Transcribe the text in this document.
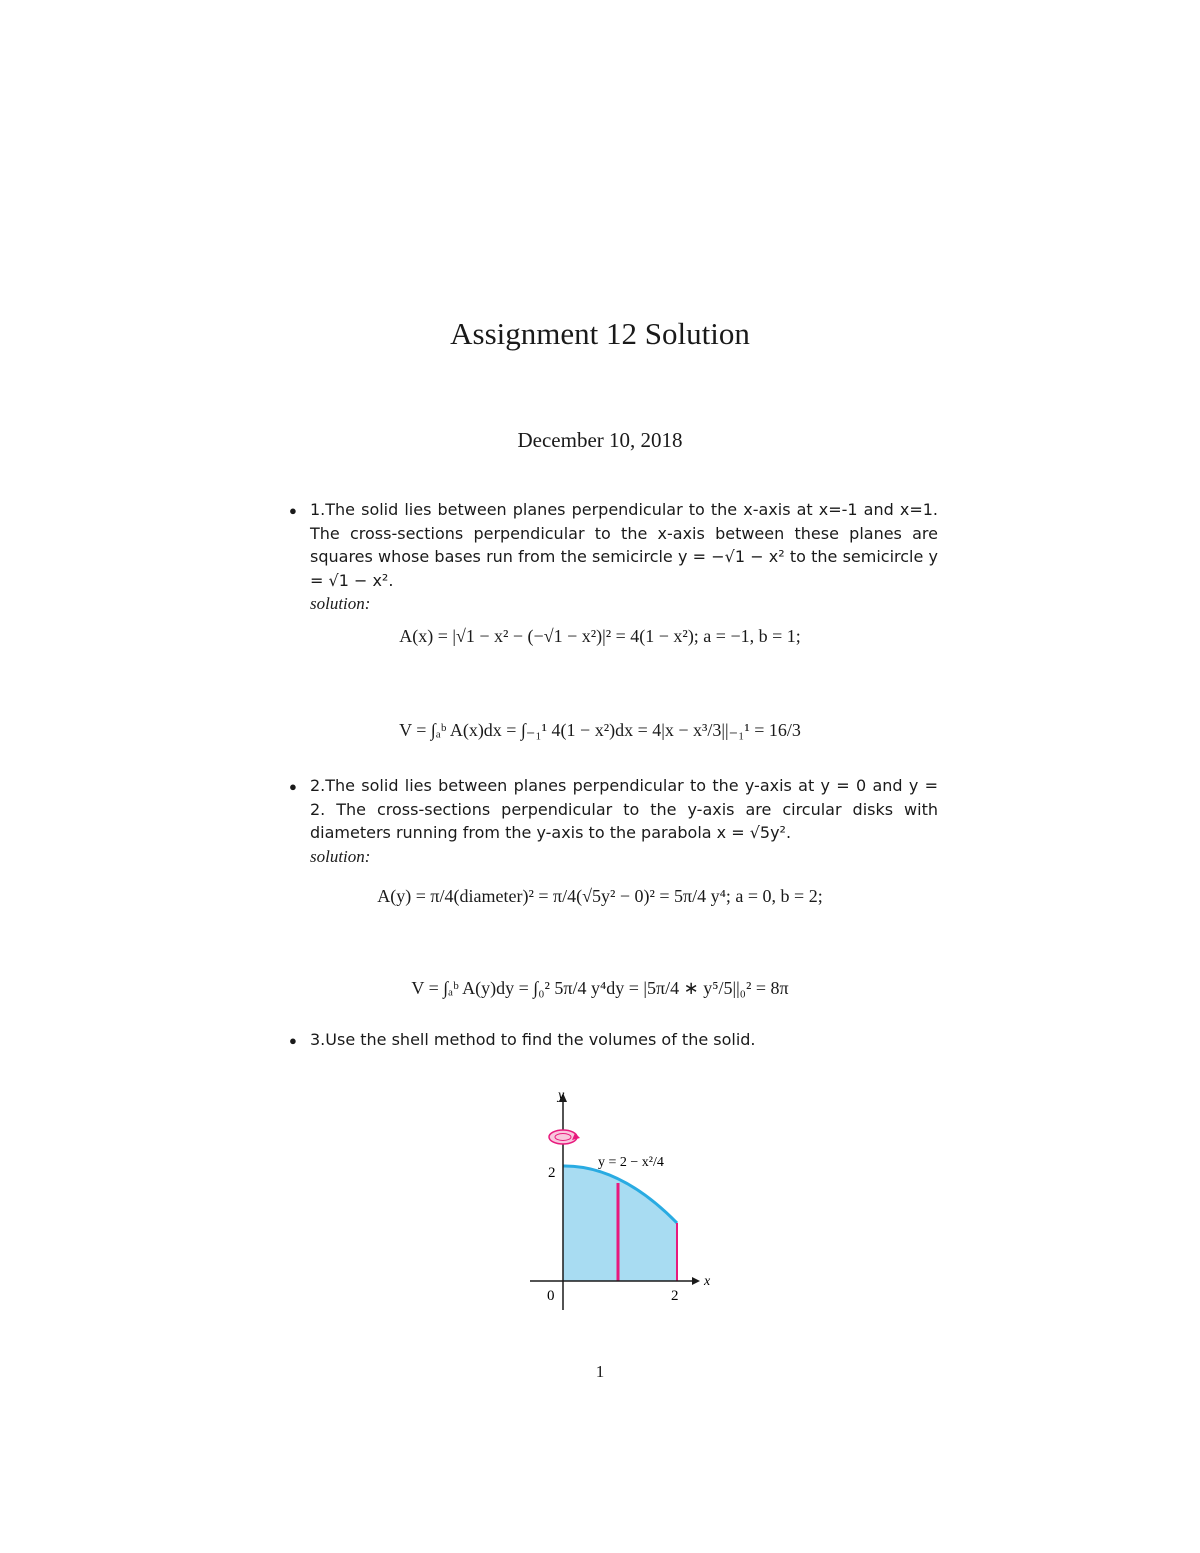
Assignment 12 Solution
December 10, 2018
● 1.The solid lies between planes perpendicular to the x-axis at x=-1 and x=1. The cross-sections perpendicular to the x-axis between these planes are squares whose bases run from the semicircle y = −√1 − x² to the semicircle y = √1 − x².
solution:
A(x) = |√1 − x² − (−√1 − x²)|² = 4(1 − x²); a = −1, b = 1;
V = ∫ₐᵇ A(x)dx = ∫₋₁¹ 4(1 − x²)dx = 4|x − x³/3||₋₁¹ = 16/3
● 2.The solid lies between planes perpendicular to the y-axis at y = 0 and y = 2. The cross-sections perpendicular to the y-axis are circular disks with diameters running from the y-axis to the parabola x = √5y².
solution:
A(y) = π/4(diameter)² = π/4(√5y² − 0)² = 5π/4 y⁴; a = 0, b = 2;
V = ∫ₐᵇ A(y)dy = ∫₀² 5π/4 y⁴dy = |5π/4 ∗ y⁵/5||₀² = 8π
● 3.Use the shell method to find the volumes of the solid.
y
x
2
2
0
y = 2 − x²/4
1
